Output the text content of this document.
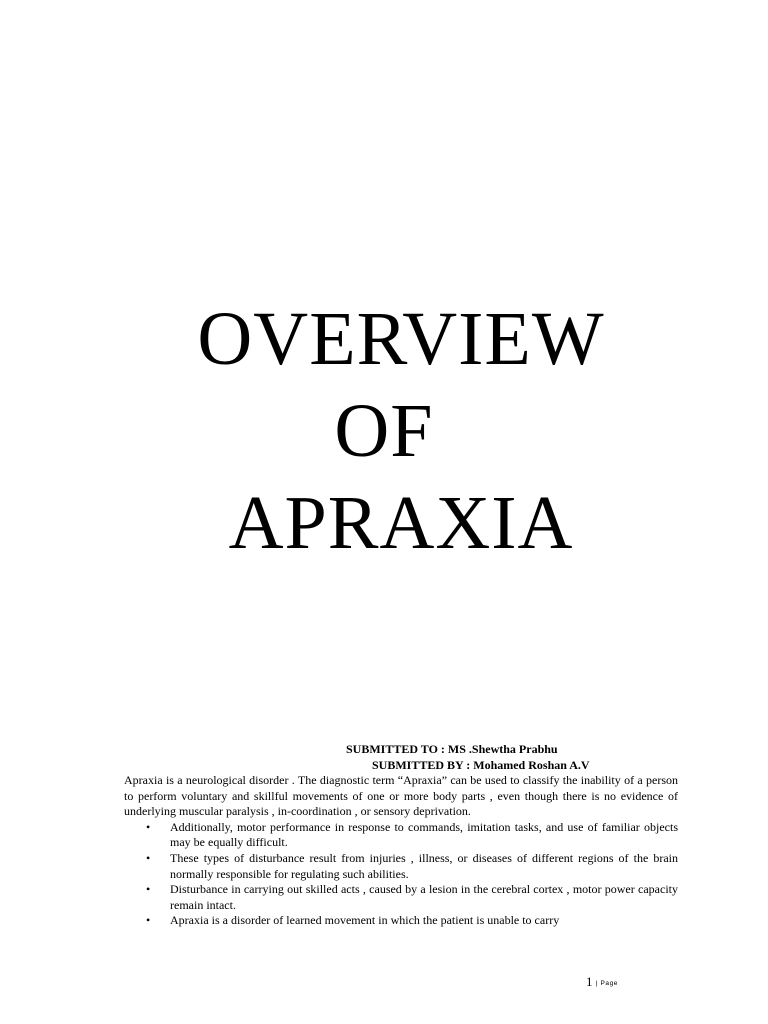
OVERVIEW
OF
APRAXIA
SUBMITTED TO : MS .Shewtha Prabhu
SUBMITTED BY : Mohamed Roshan A.V

Apraxia is a neurological disorder . The diagnostic term “Apraxia” can be used to classify the inability of a person to perform voluntary and skillful movements of one or more body parts , even though there is no evidence of underlying muscular paralysis , in-coordination , or sensory deprivation.

• Additionally, motor performance in response to commands, imitation tasks, and use of familiar objects may be equally difficult.
• These types of disturbance result from injuries , illness, or diseases of different regions of the brain normally responsible for regulating such abilities.
• Disturbance in carrying out skilled acts , caused by a lesion in the cerebral cortex , motor power capacity remain intact.
• Apraxia is a disorder of learned movement in which the patient is unable to carry
1 | Page
